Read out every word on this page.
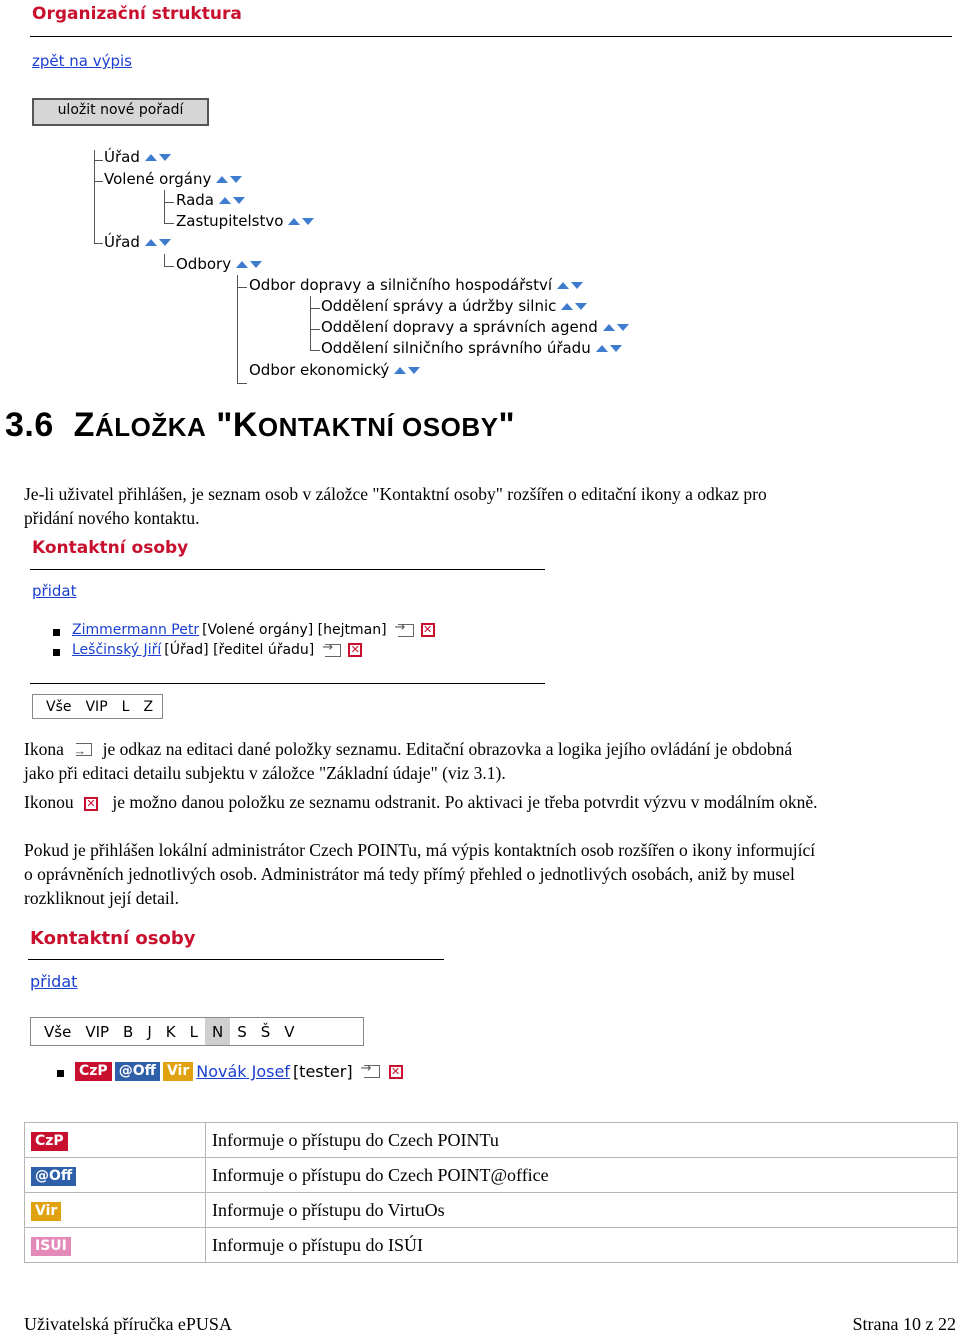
Organizační struktura
zpět na výpis
uložit nové pořadí
Úřad
Volené orgány
Rada
Zastupitelstvo
Úřad
Odbory
Odbor dopravy a silničního hospodářství
Oddělení správy a údržby silnic
Oddělení dopravy a správních agend
Oddělení silničního správního úřadu
Odbor ekonomický
3.6 ZÁLOŽKA "KONTAKTNÍ OSOBY"
Je-li uživatel přihlášen, je seznam osob v záložce "Kontaktní osoby" rozšířen o editační ikony a odkaz pro
přidání nového kontaktu.
Kontaktní osoby
přidat
Zimmermann Petr [Volené orgány] [hejtman] →	✕
Leščinský Jiří [Úřad] [ředitel úřadu] →	✕
Vše	VIP	L	Z
Ikona → je odkaz na editaci dané položky seznamu. Editační obrazovka a logika jejího ovládání je obdobná
jako při editaci detailu subjektu v záložce "Základní údaje" (viz 3.1).
Ikonou ✕ je možno danou položku ze seznamu odstranit. Po aktivaci je třeba potvrdit výzvu v modálním okně.
Pokud je přihlášen lokální administrátor Czech POINTu, má výpis kontaktních osob rozšířen o ikony informující
o oprávněních jednotlivých osob. Administrátor má tedy přímý přehled o jednotlivých osobách, aniž by musel
rozkliknout její detail.
Kontaktní osoby
přidat
Vše VIP B J K L N S Š V
CzP @Off Vir Novák Josef [tester] →	✕
CzP	Informuje o přístupu do Czech POINTu
@Off	Informuje o přístupu do Czech POINT@office
Vir	Informuje o přístupu do VirtuOs
ISUI	Informuje o přístupu do ISÚI
Uživatelská příručka ePUSA	Strana 10 z 22
